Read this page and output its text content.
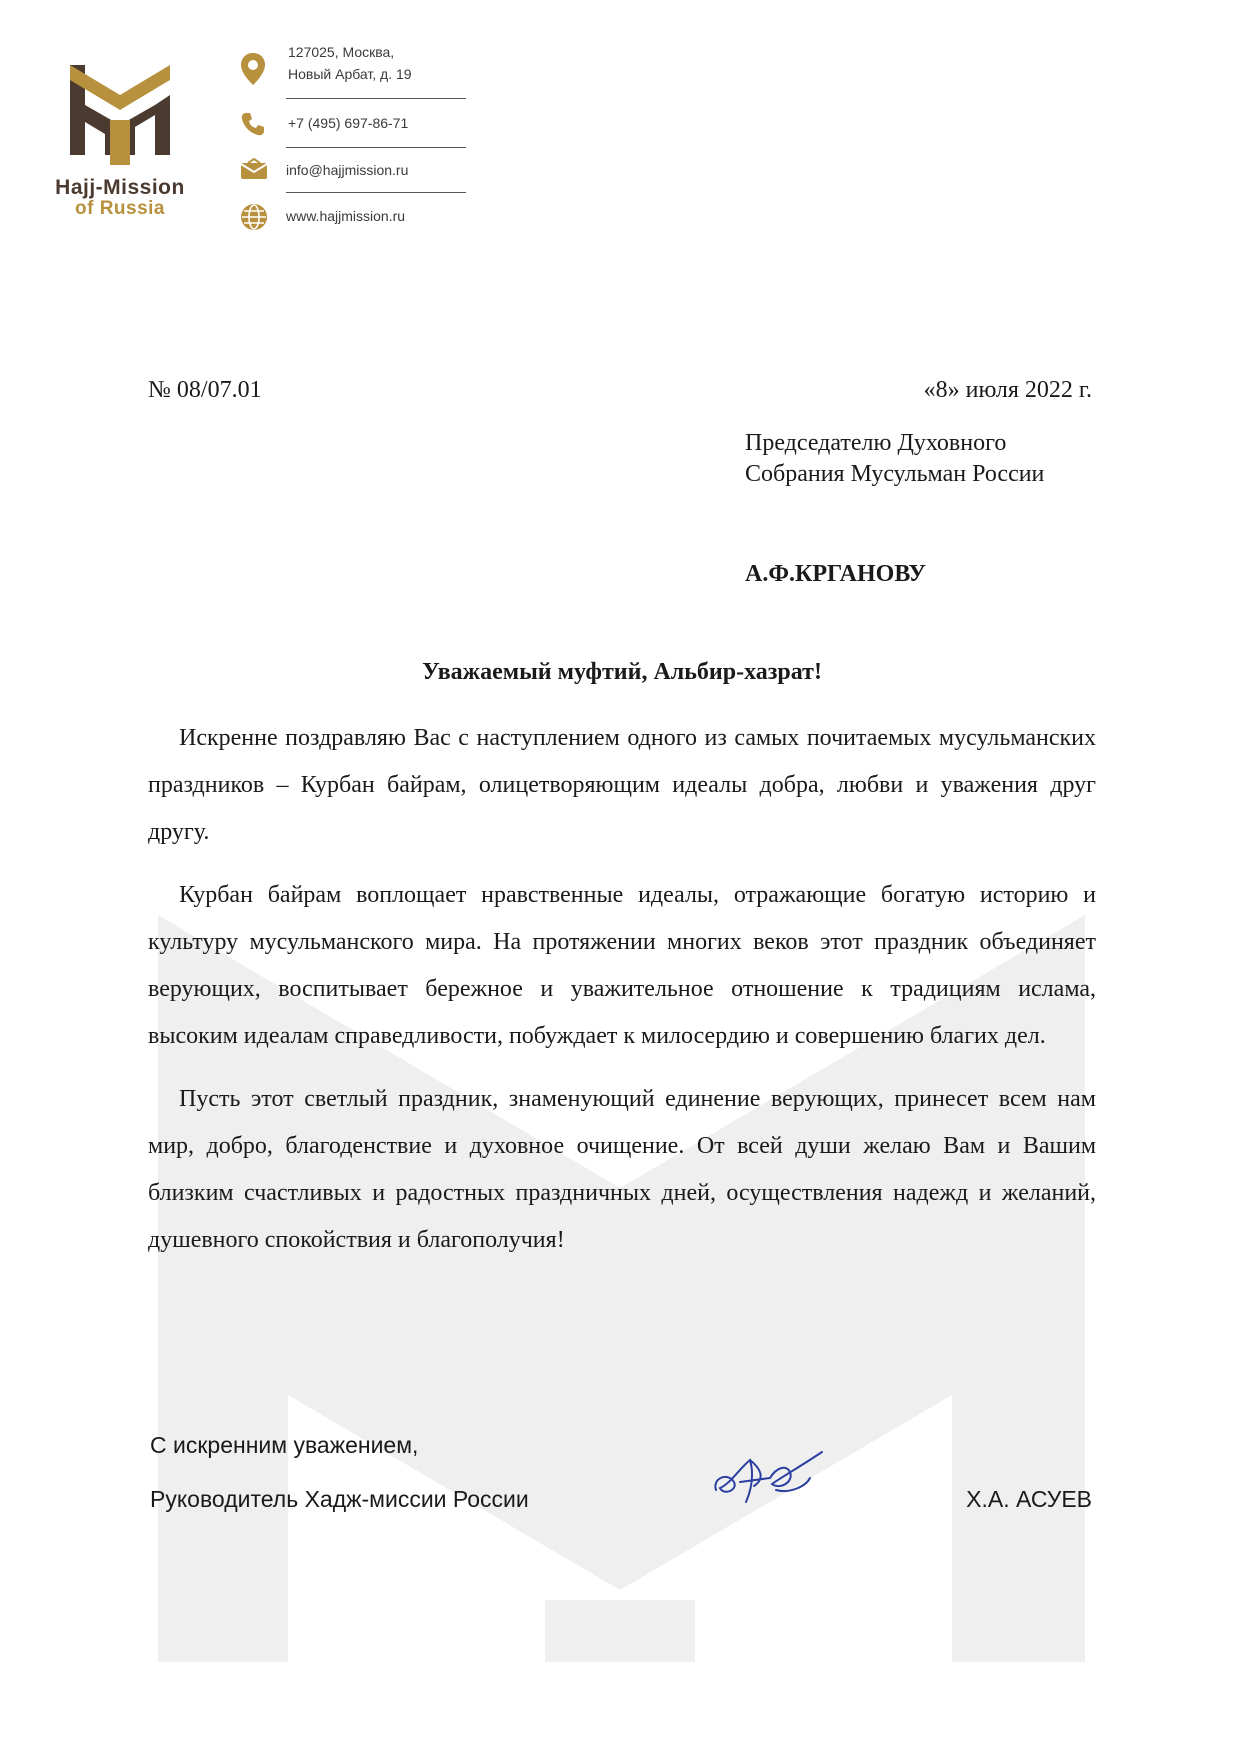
Hajj-Mission
of Russia
127025, Москва,
Новый Арбат, д. 19
+7 (495) 697-86-71
info@hajjmission.ru
www.hajjmission.ru
№ 08/07.01	«8» июля 2022 г.
Председателю Духовного
Собрания Мусульман России
А.Ф.КРГАНОВУ
Уважаемый муфтий, Альбир-хазрат!

Искренне поздравляю Вас с наступлением одного из самых почитаемых мусульманских праздников – Курбан байрам, олицетворяющим идеалы добра, любви и уважения друг другу.

Курбан байрам воплощает нравственные идеалы, отражающие богатую историю и культуру мусульманского мира. На протяжении многих веков этот праздник объединяет верующих, воспитывает бережное и уважительное отношение к традициям ислама, высоким идеалам справедливости, побуждает к милосердию и совершению благих дел.

Пусть этот светлый праздник, знаменующий единение верующих, принесет всем нам мир, добро, благоденствие и духовное очищение. От всей души желаю Вам и Вашим близким счастливых и радостных праздничных дней, осуществления надежд и желаний, душевного спокойствия и благополучия!

С искренним уважением,
Руководитель Хадж-миссии России	Х.А. АСУЕВ
